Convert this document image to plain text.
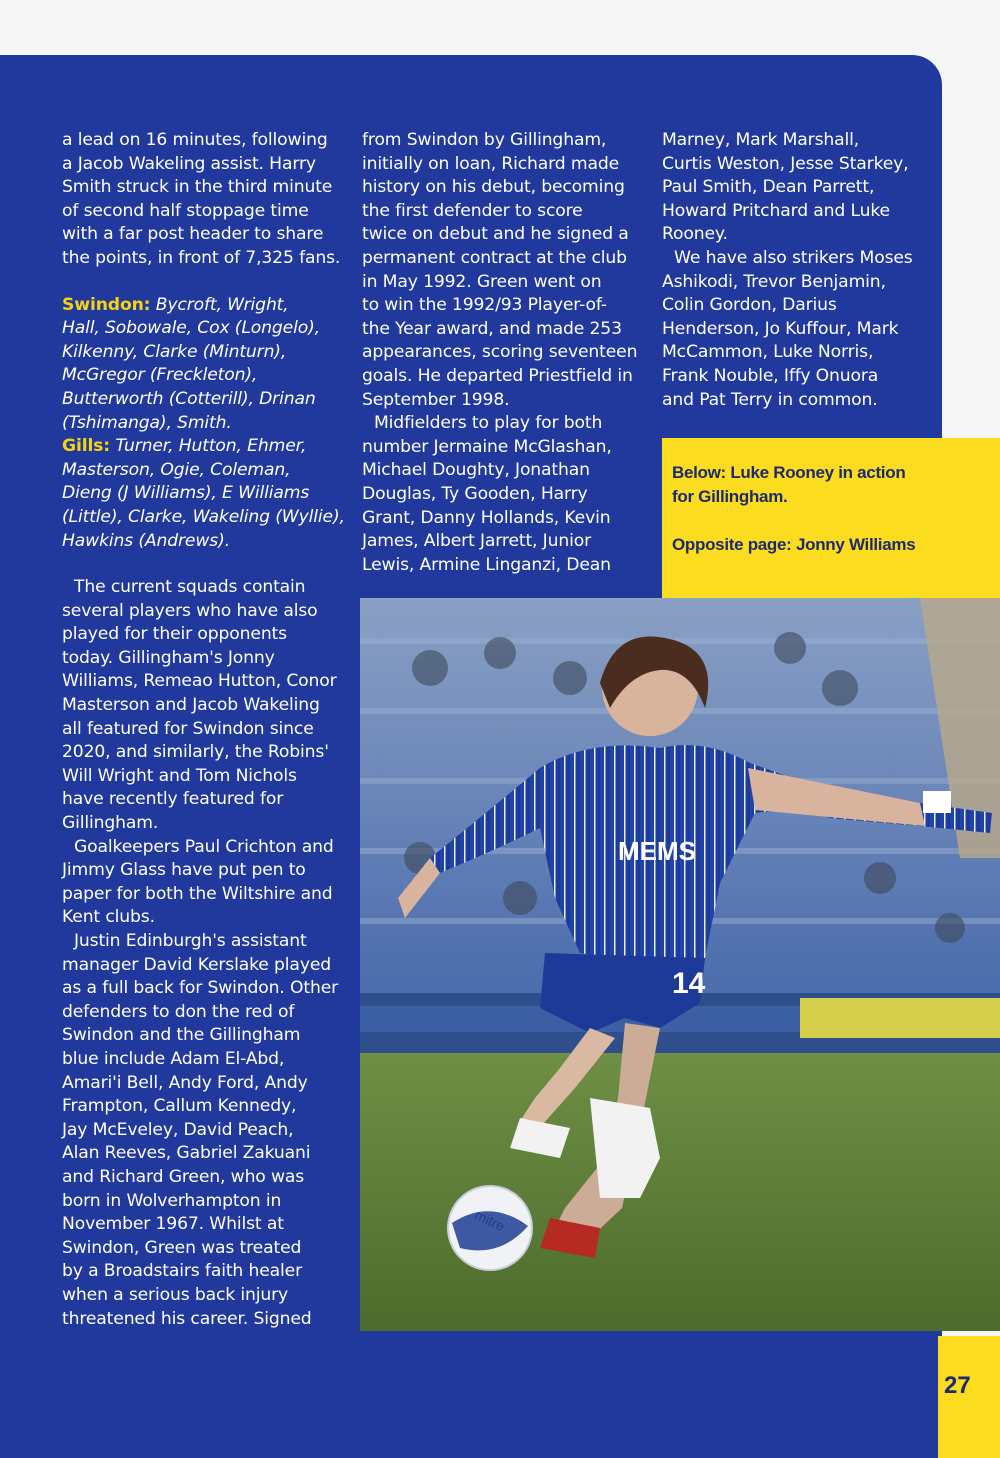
a lead on 16 minutes, following
a Jacob Wakeling assist. Harry
Smith struck in the third minute
of second half stoppage time
with a far post header to share
the points, in front of 7,325 fans.
Swindon: Bycroft, Wright,
Hall, Sobowale, Cox (Longelo),
Kilkenny, Clarke (Minturn),
McGregor (Freckleton),
Butterworth (Cotterill), Drinan
(Tshimanga), Smith.
Gills: Turner, Hutton, Ehmer,
Masterson, Ogie, Coleman,
Dieng (J Williams), E Williams
(Little), Clarke, Wakeling (Wyllie),
Hawkins (Andrews).
The current squads contain
several players who have also
played for their opponents
today. Gillingham's Jonny
Williams, Remeao Hutton, Conor
Masterson and Jacob Wakeling
all featured for Swindon since
2020, and similarly, the Robins'
Will Wright and Tom Nichols
have recently featured for
Gillingham.
Goalkeepers Paul Crichton and
Jimmy Glass have put pen to
paper for both the Wiltshire and
Kent clubs.
Justin Edinburgh's assistant
manager David Kerslake played
as a full back for Swindon. Other
defenders to don the red of
Swindon and the Gillingham
blue include Adam El-Abd,
Amari'i Bell, Andy Ford, Andy
Frampton, Callum Kennedy,
Jay McEveley, David Peach,
Alan Reeves, Gabriel Zakuani
and Richard Green, who was
born in Wolverhampton in
November 1967. Whilst at
Swindon, Green was treated
by a Broadstairs faith healer
when a serious back injury
threatened his career. Signed
from Swindon by Gillingham,
initially on loan, Richard made
history on his debut, becoming
the first defender to score
twice on debut and he signed a
permanent contract at the club
in May 1992. Green went on
to win the 1992/93 Player-of-
the Year award, and made 253
appearances, scoring seventeen
goals. He departed Priestfield in
September 1998.
Midfielders to play for both
number Jermaine McGlashan,
Michael Doughty, Jonathan
Douglas, Ty Gooden, Harry
Grant, Danny Hollands, Kevin
James, Albert Jarrett, Junior
Lewis, Armine Linganzi, Dean
Marney, Mark Marshall,
Curtis Weston, Jesse Starkey,
Paul Smith, Dean Parrett,
Howard Pritchard and Luke
Rooney.
We have also strikers Moses
Ashikodi, Trevor Benjamin,
Colin Gordon, Darius
Henderson, Jo Kuffour, Mark
McCammon, Luke Norris,
Frank Nouble, Iffy Onuora
and Pat Terry in common.
Below: Luke Rooney in action
for Gillingham.
Opposite page: Jonny Williams
MEMS
14
mitre
27
